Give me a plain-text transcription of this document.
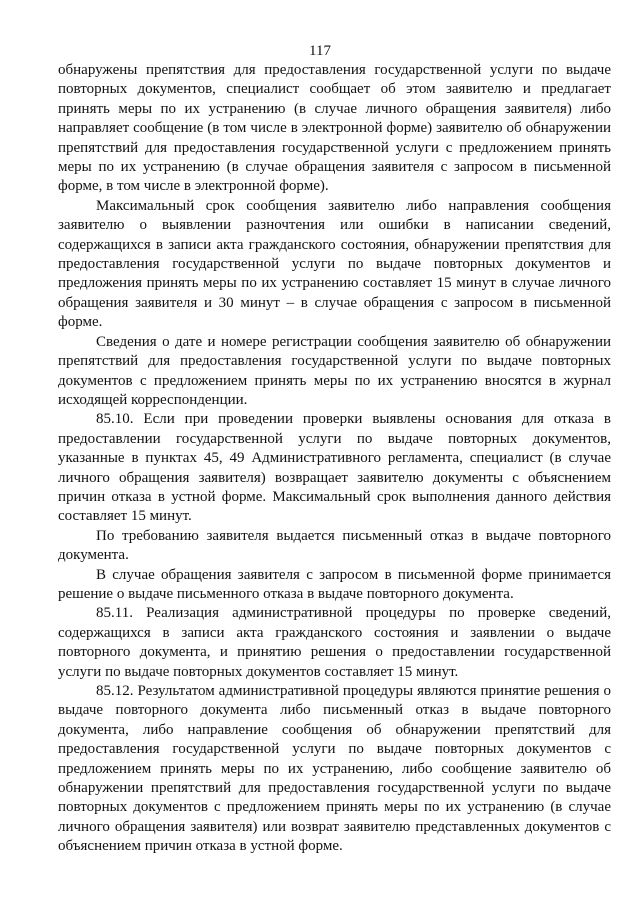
117

обнаружены препятствия для предоставления государственной услуги по выдаче повторных документов, специалист сообщает об этом заявителю и предлагает принять меры по их устранению (в случае личного обращения заявителя) либо направляет сообщение (в том числе в электронной форме) заявителю об обнаружении препятствий для предоставления государственной услуги с предложением принять меры по их устранению (в случае обращения заявителя с запросом в письменной форме, в том числе в электронной форме).

Максимальный срок сообщения заявителю либо направления сообщения заявителю о выявлении разночтения или ошибки в написании сведений, содержащихся в записи акта гражданского состояния, обнаружении препятствия для предоставления государственной услуги по выдаче повторных документов и предложения принять меры по их устранению составляет 15 минут в случае личного обращения заявителя и 30 минут – в случае обращения с запросом в письменной форме.

Сведения о дате и номере регистрации сообщения заявителю об обнаружении препятствий для предоставления государственной услуги по выдаче повторных документов с предложением принять меры по их устранению вносятся в журнал исходящей корреспонденции.

85.10. Если при проведении проверки выявлены основания для отказа в предоставлении государственной услуги по выдаче повторных документов, указанные в пунктах 45, 49 Административного регламента, специалист (в случае личного обращения заявителя) возвращает заявителю документы с объяснением причин отказа в устной форме. Максимальный срок выполнения данного действия составляет 15 минут.

По требованию заявителя выдается письменный отказ в выдаче повторного документа.

В случае обращения заявителя с запросом в письменной форме принимается решение о выдаче письменного отказа в выдаче повторного документа.

85.11. Реализация административной процедуры по проверке сведений, содержащихся в записи акта гражданского состояния и заявлении о выдаче повторного документа, и принятию решения о предоставлении государственной услуги по выдаче повторных документов составляет 15 минут.

85.12. Результатом административной процедуры являются принятие решения о выдаче повторного документа либо письменный отказ в выдаче повторного документа, либо направление сообщения об обнаружении препятствий для предоставления государственной услуги по выдаче повторных документов с предложением принять меры по их устранению, либо сообщение заявителю об обнаружении препятствий для предоставления государственной услуги по выдаче повторных документов с предложением принять меры по их устранению (в случае личного обращения заявителя) или возврат заявителю представленных документов с объяснением причин отказа в устной форме.
